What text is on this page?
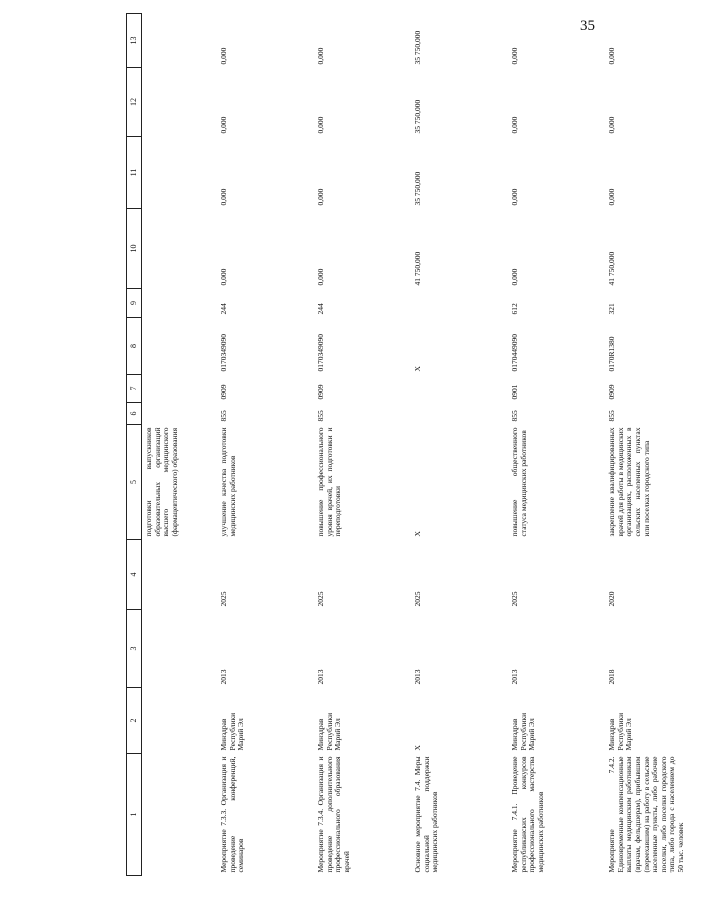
35
1	2	3	4	5	6	7	8	9	10	11	12	13
				подготовки выпускников образовательных организаций высшего медицинского (фармацевтического) образования								
Мероприятие 7.3.3. Организация и проведение конференций, семинаров	Минздрав Республики Марий Эл	2013	2025	улучшение качества подготовки медицинских работников	855	0909	0170349090	244	0,000	0,000	0,000	0,000
Мероприятие 7.3.4. Организация и проведение дополнительного профессионального образования врачей	Минздрав Республики Марий Эл	2013	2025	повышение профессионального уровня врачей, их подготовки и переподготовки	855	0909	0170349090	244	0,000	0,000	0,000	0,000
Основное мероприятие 7.4. Меры социальной поддержки медицинских работников	X	2013	2025	X			X		41 750,000	35 750,000	35 750,000	35 750,000
Мероприятие 7.4.1. Проведение республиканских конкурсов профессионального мастерства медицинских работников	Минздрав Республики Марий Эл	2013	2025	повышение общественного статуса медицинских работников	855	0901	0170449090	612	0,000	0,000	0,000	0,000
Мероприятие 7.4.2. Единовременные компенсационные выплаты медицинским работникам (врачам, фельдшерам), прибывшим (переехавшим) на работу в сельские населенные пункты, либо рабочие поселки, либо поселки городского типа, либо города с населением до 50 тыс. человек	Минздрав Республики Марий Эл	2018	2020	закрепление квалифицированных врачей для работы в медицинских организациях, расположенных в сельских населенных пунктах или поселках городского типа	855	0909	0170R1380	321	41 750,000	0,000	0,000	0,000
